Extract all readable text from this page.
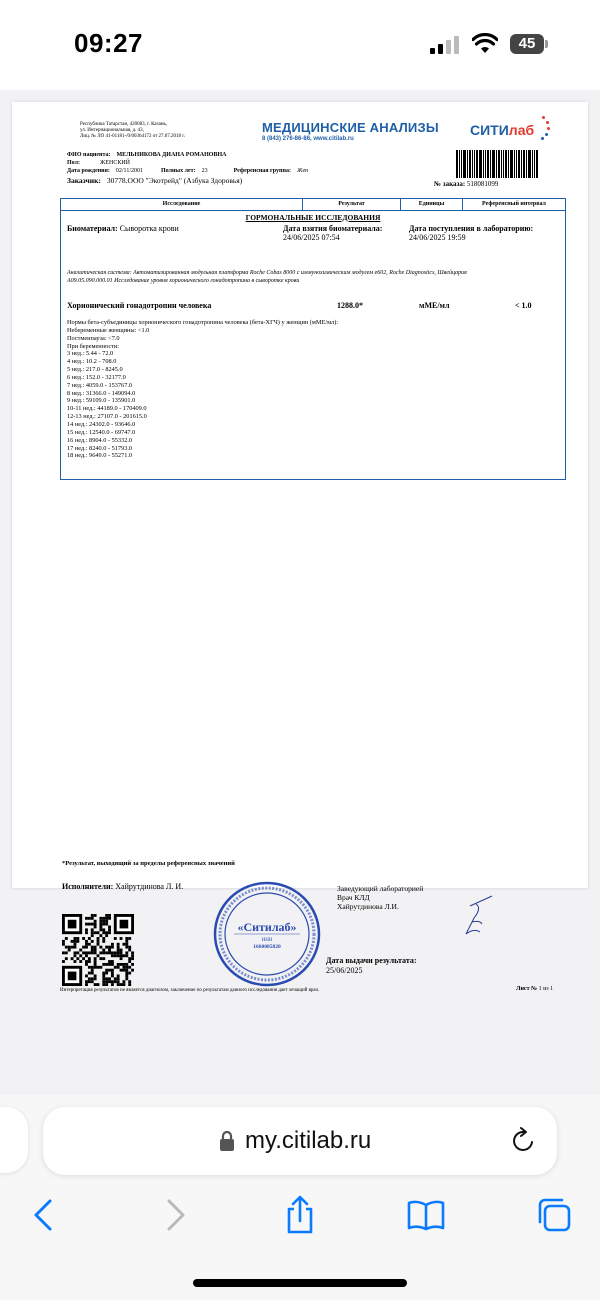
09:27	45
Республика Татарстан, 420083, г. Казань,
ул. Интернациональная, д. 43,
Лиц. № ЛО 41-01181-/0/00364172 от 27.07.2018 г.
МЕДИЦИНСКИЕ АНАЛИЗЫ
8 (843) 276-86-86, www.citilab.ru
СИТИлаб
ФИО пациента: МЕЛЬНИКОВА ДИАНА РОМАНОВНА
Пол:	ЖЕНСКИЙ
Дата рождения: 02/11/2001	Полных лет: 23	Референсная группа: Жен
Заказчик: 30778.ООО "Экотрейд" (Азбука Здоровья)	№ заказа: 518081099
Исследование	Результат	Единицы	Референсный интервал
ГОРМОНАЛЬНЫЕ ИССЛЕДОВАНИЯ
Биоматериал: Сыворотка крови	Дата взятия биоматериала:
24/06/2025 07:54
Дата поступления в лабораторию:
24/06/2025 19:59
Аналитическая система: Автоматизированная модульная платформа Roche Cobas 8000 с иммунохимическим модулем e602, Roche Diagnostics, Швейцария
A09.05.090.000.01 Исследование уровня хорионического гонадотропина в сыворотке крови
Хорионический гонадотропин человека	1288.0*	мМЕ/мл	< 1.0
Нормы бета-субъединицы хорионического гонадотропина человека (бета-ХГЧ) у женщин (мМЕ/мл):
Небеременные женщины: <1.0
Постменпауза: <7.0
При беременности:
3 нед.: 5.44 - 72.0
4 нед.: 10.2 - 708.0
5 нед.: 217.0 - 8245.0
6 нед.: 152.0 - 32177.0
7 нед.: 4059.0 - 153767.0
8 нед.: 31366.0 - 149094.0
9 нед.: 59109.0 - 135901.0
10-11 нед.: 44189.0 - 170409.0
12-13 нед.: 27107.0 - 201615.0
14 нед.: 24302.0 - 93646.0
15 нед.: 12540.0 - 69747.0
16 нед.: 8904.0 - 55332.0
17 нед.: 8240.0 - 51793.0
18 нед.: 9649.0 - 55271.0
*Результат, выходящий за пределы референсных значений
Исполнители: Хайрутдинова Л. И.
«Ситилаб»
ИНН
1660085820
Заведующий лабораторией
Врач КЛД
Хайрутдинова Л.И.
Дата выдачи результата:
25/06/2025
Интерпретация результатов не является диагнозом, заключение по результатам данного исследования дает лечащий врач.	Лист № 1 из 1
my.citilab.ru
